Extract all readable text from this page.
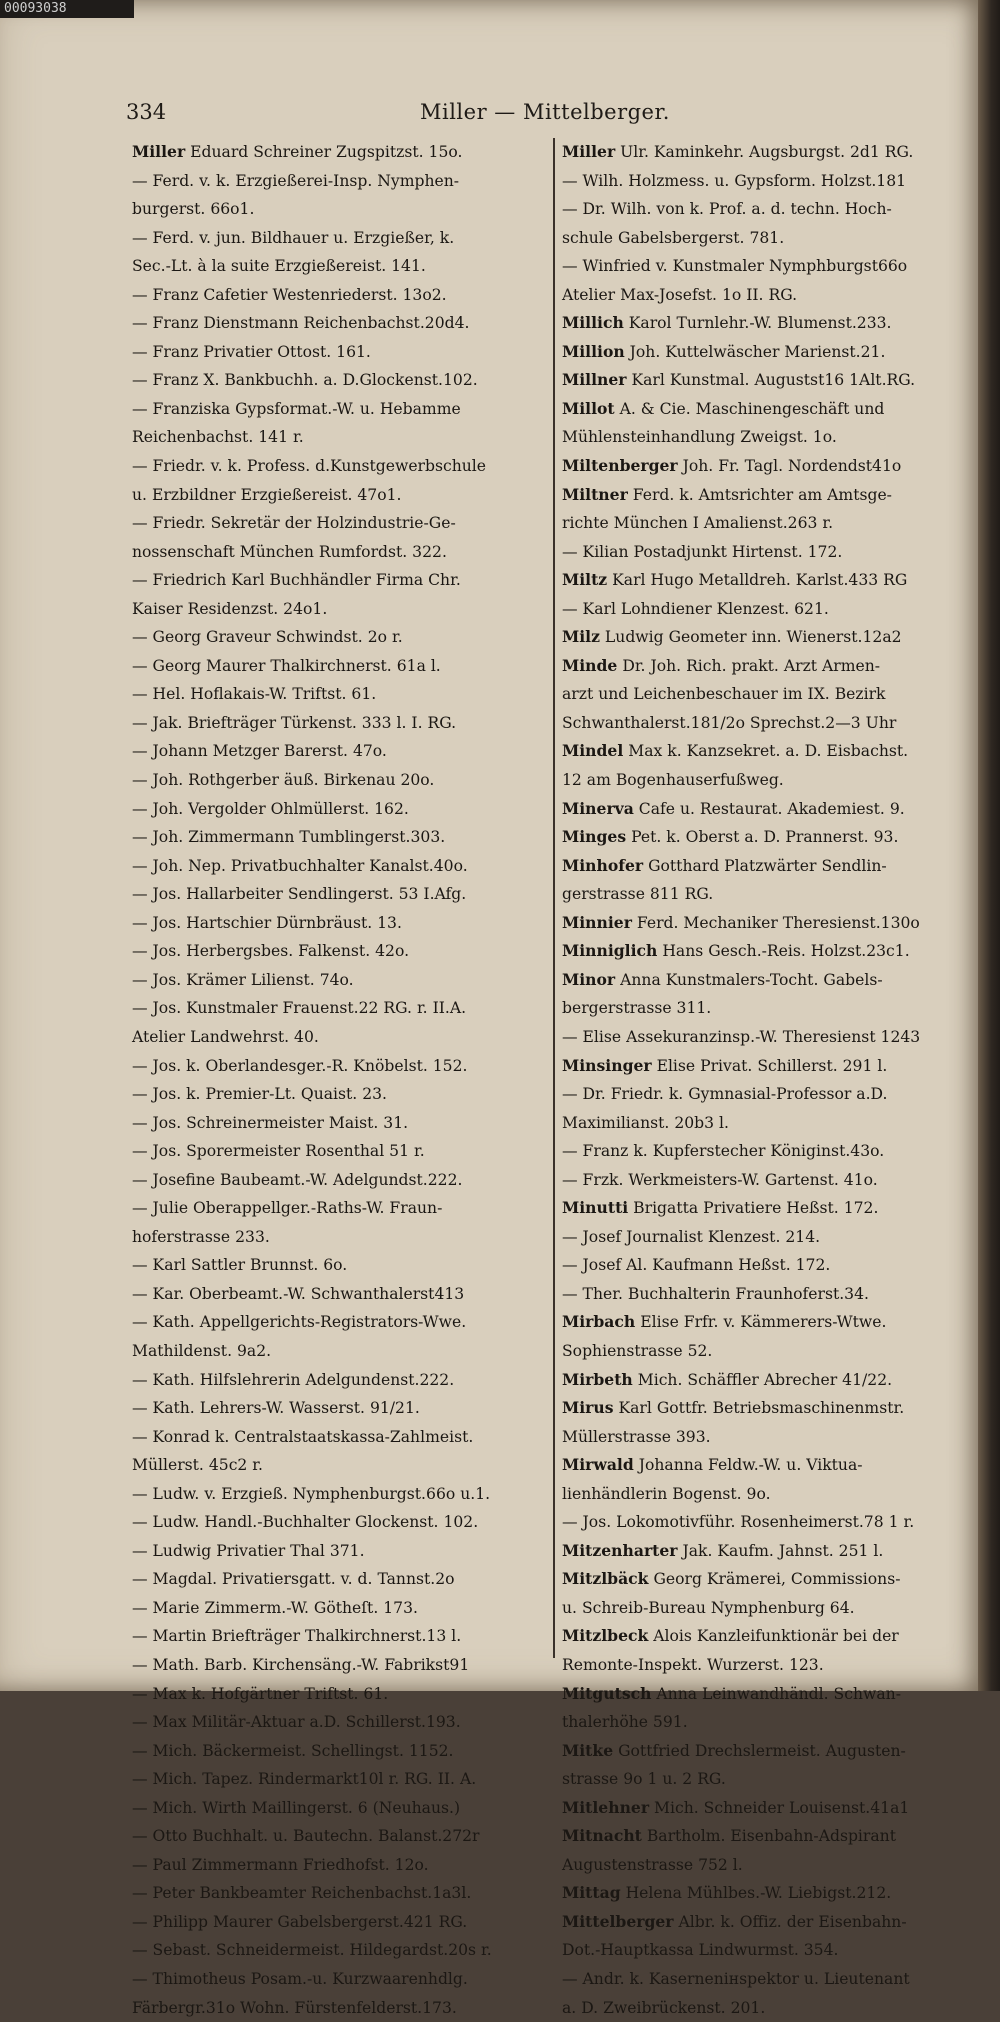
00093038
334	Miller — Mittelberger.
Miller Eduard Schreiner Zugspitzst. 15o.
— Ferd. v. k. Erzgießerei-Insp. Nymphen-
burgerst. 66o1.
— Ferd. v. jun. Bildhauer u. Erzgießer, k.
Sec.-Lt. à la suite Erzgießereist. 141.
— Franz Cafetier Westenriederst. 13o2.
— Franz Dienstmann Reichenbachst.20d4.
— Franz Privatier Ottost. 161.
— Franz X. Bankbuchh. a. D.Glockenst.102.
— Franziska Gypsformat.-W. u. Hebamme
Reichenbachst. 141 r.
— Friedr. v. k. Profess. d.Kunstgewerbschule
u. Erzbildner Erzgießereist. 47o1.
— Friedr. Sekretär der Holzindustrie-Ge-
nossenschaft München Rumfordst. 322.
— Friedrich Karl Buchhändler Firma Chr.
Kaiser Residenzst. 24o1.
— Georg Graveur Schwindst. 2o r.
— Georg Maurer Thalkirchnerst. 61a l.
— Hel. Hoflakais-W. Triftst. 61.
— Jak. Briefträger Türkenst. 333 l. I. RG.
— Johann Metzger Barerst. 47o.
— Joh. Rothgerber äuß. Birkenau 20o.
— Joh. Vergolder Ohlmüllerst. 162.
— Joh. Zimmermann Tumblingerst.303.
— Joh. Nep. Privatbuchhalter Kanalst.40o.
— Jos. Hallarbeiter Sendlingerst. 53 I.Afg.
— Jos. Hartschier Dürnbräust. 13.
— Jos. Herbergsbes. Falkenst. 42o.
— Jos. Krämer Lilienst. 74o.
— Jos. Kunstmaler Frauenst.22 RG. r. II.A.
Atelier Landwehrst. 40.
— Jos. k. Oberlandesger.-R. Knöbelst. 152.
— Jos. k. Premier-Lt. Quaist. 23.
— Jos. Schreinermeister Maist. 31.
— Jos. Sporermeister Rosenthal 51 r.
— Josefine Baubeamt.-W. Adelgundst.222.
— Julie Oberappellger.-Raths-W. Fraun-
hoferstrasse 233.
— Karl Sattler Brunnst. 6o.
— Kar. Oberbeamt.-W. Schwanthalerst413
— Kath. Appellgerichts-Registrators-Wwe.
Mathildenst. 9a2.
— Kath. Hilfslehrerin Adelgundenst.222.
— Kath. Lehrers-W. Wasserst. 91/21.
— Konrad k. Centralstaatskassa-Zahlmeist.
Müllerst. 45c2 r.
— Ludw. v. Erzgieß. Nymphenburgst.66o u.1.
— Ludw. Handl.-Buchhalter Glockenst. 102.
— Ludwig Privatier Thal 371.
— Magdal. Privatiersgatt. v. d. Tannst.2o
— Marie Zimmerm.-W. Götheſt. 173.
— Martin Briefträger Thalkirchnerst.13 l.
— Math. Barb. Kirchensäng.-W. Fabrikst91
— Max k. Hofgärtner Triftst. 61.
— Max Militär-Aktuar a.D. Schillerst.193.
— Mich. Bäckermeist. Schellingst. 1152.
— Mich. Tapez. Rindermarkt10l r. RG. II. A.
— Mich. Wirth Maillingerst. 6 (Neuhaus.)
— Otto Buchhalt. u. Bautechn. Balanst.272r
— Paul Zimmermann Friedhofst. 12o.
— Peter Bankbeamter Reichenbachst.1a3l.
— Philipp Maurer Gabelsbergerst.421 RG.
— Sebast. Schneidermeist. Hildegardst.20s r.
— Thimotheus Posam.-u. Kurzwaarenhdlg.
Färbergr.31o Wohn. Fürstenfelderst.173.
Miller Ulr. Kaminkehr. Augsburgst. 2d1 RG.
— Wilh. Holzmess. u. Gypsform. Holzst.181
— Dr. Wilh. von k. Prof. a. d. techn. Hoch-
schule Gabelsbergerst. 781.
— Winfried v. Kunstmaler Nymphburgst66o
Atelier Max-Josefst. 1o II. RG.
Millich Karol Turnlehr.-W. Blumenst.233.
Million Joh. Kuttelwäscher Marienst.21.
Millner Karl Kunstmal. Augustst16 1Alt.RG.
Millot A. & Cie. Maschinengeschäft und
Mühlensteinhandlung Zweigst. 1o.
Miltenberger Joh. Fr. Tagl. Nordendst41o
Miltner Ferd. k. Amtsrichter am Amtsge-
richte München I Amalienst.263 r.
— Kilian Postadjunkt Hirtenst. 172.
Miltz Karl Hugo Metalldreh. Karlst.433 RG
— Karl Lohndiener Klenzest. 621.
Milz Ludwig Geometer inn. Wienerst.12a2
Minde Dr. Joh. Rich. prakt. Arzt Armen-
arzt und Leichenbeschauer im IX. Bezirk
Schwanthalerst.181/2o Sprechst.2—3 Uhr
Mindel Max k. Kanzsekret. a. D. Eisbachst.
12 am Bogenhauserfußweg.
Minerva Cafe u. Restaurat. Akademiest. 9.
Minges Pet. k. Oberst a. D. Prannerst. 93.
Minhofer Gotthard Platzwärter Sendlin-
gerstrasse 811 RG.
Minnier Ferd. Mechaniker Theresienst.130o
Minniglich Hans Gesch.-Reis. Holzst.23c1.
Minor Anna Kunstmalers-Tocht. Gabels-
bergerstrasse 311.
— Elise Assekuranzinsp.-W. Theresienst 1243
Minsinger Elise Privat. Schillerst. 291 l.
— Dr. Friedr. k. Gymnasial-Professor a.D.
Maximilianst. 20b3 l.
— Franz k. Kupferstecher Königinst.43o.
— Frzk. Werkmeisters-W. Gartenst. 41o.
Minutti Brigatta Privatiere Heßst. 172.
— Josef Journalist Klenzest. 214.
— Josef Al. Kaufmann Heßst. 172.
— Ther. Buchhalterin Fraunhoferst.34.
Mirbach Elise Frfr. v. Kämmerers-Wtwe.
Sophienstrasse 52.
Mirbeth Mich. Schäffler Abrecher 41/22.
Mirus Karl Gottfr. Betriebsmaschinenmstr.
Müllerstrasse 393.
Mirwald Johanna Feldw.-W. u. Viktua-
lienhändlerin Bogenst. 9o.
— Jos. Lokomotivführ. Rosenheimerst.78 1 r.
Mitzenharter Jak. Kaufm. Jahnst. 251 l.
Mitzlbäck Georg Krämerei, Commissions-
u. Schreib-Bureau Nymphenburg 64.
Mitzlbeck Alois Kanzleifunktionär bei der
Remonte-Inspekt. Wurzerst. 123.
Mitgutsch Anna Leinwandhändl. Schwan-
thalerhöhe 591.
Mitke Gottfried Drechslermeist. Augusten-
strasse 9o 1 u. 2 RG.
Mitlehner Mich. Schneider Louisenst.41a1
Mitnacht Bartholm. Eisenbahn-Adspirant
Augustenstrasse 752 l.
Mittag Helena Mühlbes.-W. Liebigst.212.
Mittelberger Albr. k. Offiz. der Eisenbahn-
Dot.-Hauptkassa Lindwurmst. 354.
— Andr. k. Kasernenінspektor u. Lieutenant
a. D. Zweibrückenst. 201.
